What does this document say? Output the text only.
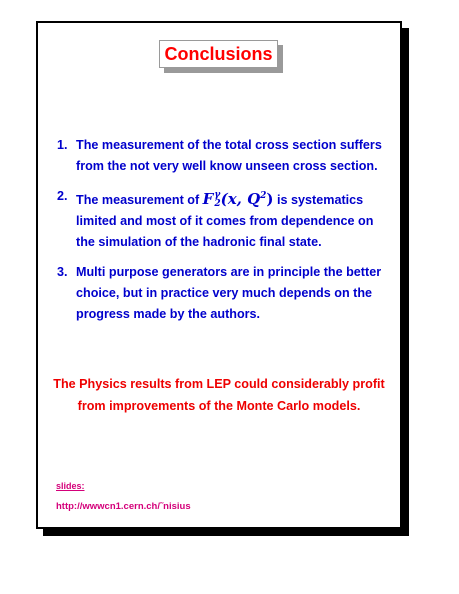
Conclusions
1. The measurement of the total cross section suffers from the not very well know unseen cross section.
2. The measurement of F γ
2 (x, $Q^2$) is systematics limited and most of it comes from dependence on the simulation of the hadronic final state.
3. Multi purpose generators are in principle the better choice, but in practice very much depends on the progress made by the authors.
The Physics results from LEP could considerably profit from improvements of the Monte Carlo models.
slides:
http://wwwcn1.cern.ch/˜nisius
